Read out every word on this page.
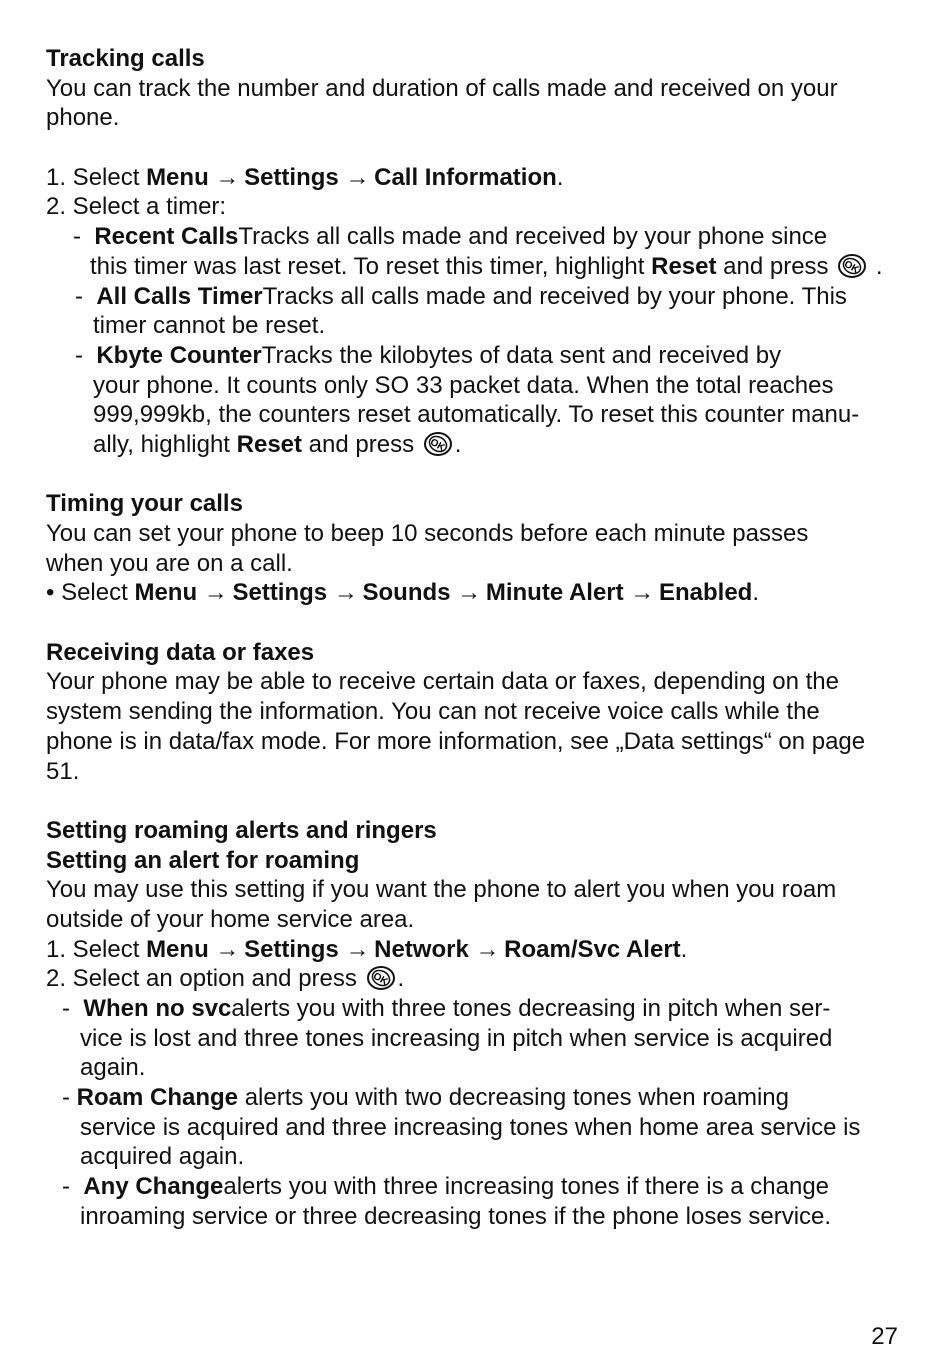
Tracking calls
You can track the number and duration of calls made and received on your
phone.
1. Select Menu → Settings → Call Information.
2. Select a timer:
- Recent CallsTracks all calls made and received by your phone since
this timer was last reset. To reset this timer, highlight Reset and press OK .
- All Calls TimerTracks all calls made and received by your phone. This
timer cannot be reset.
- Kbyte CounterTracks the kilobytes of data sent and received by
your phone. It counts only SO 33 packet data. When the total reaches
999,999kb, the counters reset automatically. To reset this counter manu-
ally, highlight Reset and press OK .
Timing your calls
You can set your phone to beep 10 seconds before each minute passes
when you are on a call.
• Select Menu → Settings → Sounds → Minute Alert → Enabled.
Receiving data or faxes
Your phone may be able to receive certain data or faxes, depending on the
system sending the information. You can not receive voice calls while the
phone is in data/fax mode. For more information, see „Data settings“ on page
51.
Setting roaming alerts and ringers
Setting an alert for roaming
You may use this setting if you want the phone to alert you when you roam
outside of your home service area.
1. Select Menu → Settings → Network → Roam/Svc Alert.
2. Select an option and press OK .
- When no svcalerts you with three tones decreasing in pitch when ser-
vice is lost and three tones increasing in pitch when service is acquired
again.
- Roam Change alerts you with two decreasing tones when roaming
service is acquired and three increasing tones when home area service is
acquired again.
- Any Changealerts you with three increasing tones if there is a change
inroaming service or three decreasing tones if the phone loses service.
27
